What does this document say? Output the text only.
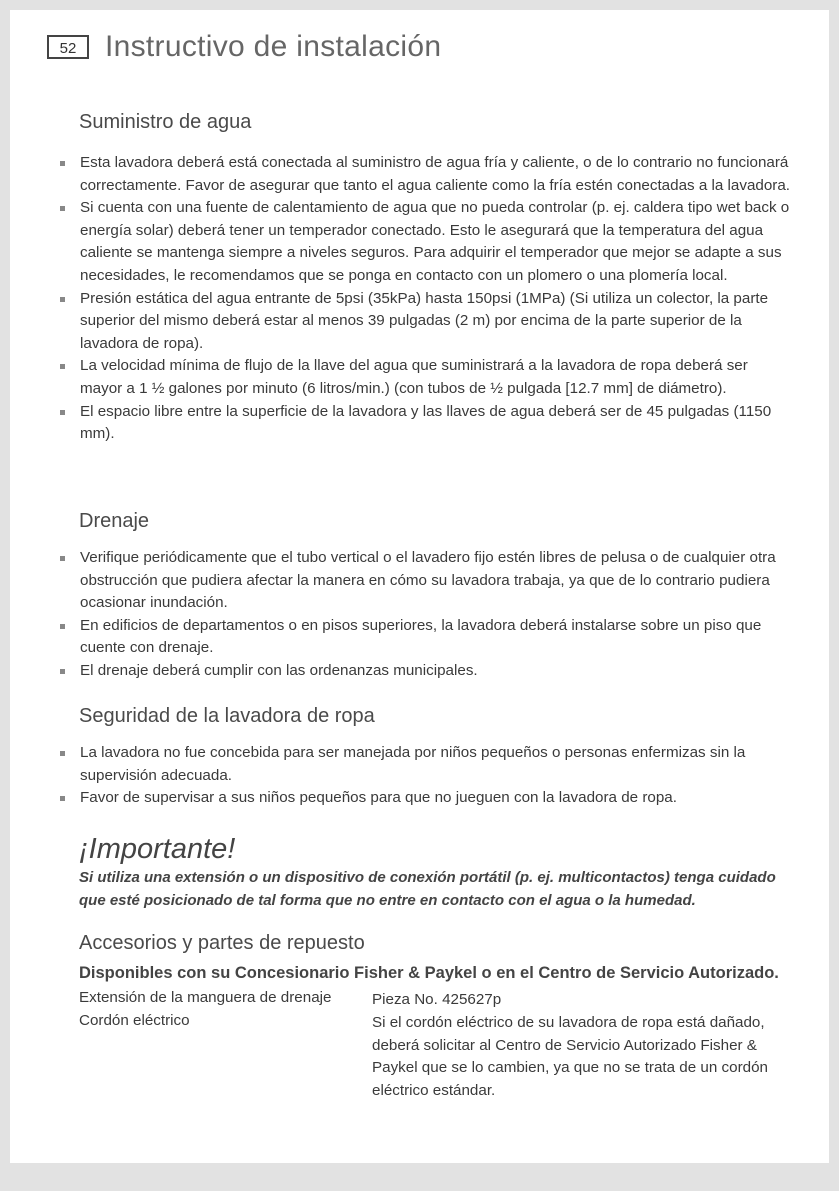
52 Instructivo de instalación
Suministro de agua
Esta lavadora deberá está conectada al suministro de agua fría y caliente, o de lo contrario no funcionará correctamente. Favor de asegurar que tanto el agua caliente como la fría estén conectadas a la lavadora.
Si cuenta con una fuente de calentamiento de agua que no pueda controlar (p. ej. caldera tipo wet back o energía solar) deberá tener un temperador conectado. Esto le asegurará que la temperatura del agua caliente se mantenga siempre a niveles seguros. Para adquirir el temperador que mejor se adapte a sus necesidades, le recomendamos que se ponga en contacto con un plomero o una plomería local.
Presión estática del agua entrante de 5psi (35kPa) hasta 150psi (1MPa) (Si utiliza un colector, la parte superior del mismo deberá estar al menos 39 pulgadas (2 m) por encima de la parte superior de la lavadora de ropa).
La velocidad mínima de flujo de la llave del agua que suministrará a la lavadora de ropa deberá ser mayor a 1 ½ galones por minuto (6 litros/min.) (con tubos de ½ pulgada [12.7 mm] de diámetro).
El espacio libre entre la superficie de la lavadora y las llaves de agua deberá ser de 45 pulgadas (1150 mm).
Drenaje
Verifique periódicamente que el tubo vertical o el lavadero fijo estén libres de pelusa o de cualquier otra obstrucción que pudiera afectar la manera en cómo su lavadora trabaja, ya que de lo contrario pudiera ocasionar inundación.
En edificios de departamentos o en pisos superiores, la lavadora deberá instalarse sobre un piso que cuente con drenaje.
El drenaje deberá cumplir con las ordenanzas municipales.
Seguridad de la lavadora de ropa
La lavadora no fue concebida para ser manejada por niños pequeños o personas enfermizas sin la supervisión adecuada.
Favor de supervisar a sus niños pequeños para que no jueguen con la lavadora de ropa.
¡Importante!
Si utiliza una extensión o un dispositivo de conexión portátil (p. ej. multicontactos) tenga cuidado que esté posicionado de tal forma que no entre en contacto con el agua o la humedad.
Accesorios y partes de repuesto
Disponibles con su Concesionario Fisher & Paykel o en el Centro de Servicio Autorizado.
Extensión de la manguera de drenaje	Pieza No. 425627p
Cordón eléctrico	Si el cordón eléctrico de su lavadora de ropa está dañado, deberá solicitar al Centro de Servicio Autorizado Fisher & Paykel que se lo cambien, ya que no se trata de un cordón eléctrico estándar.
